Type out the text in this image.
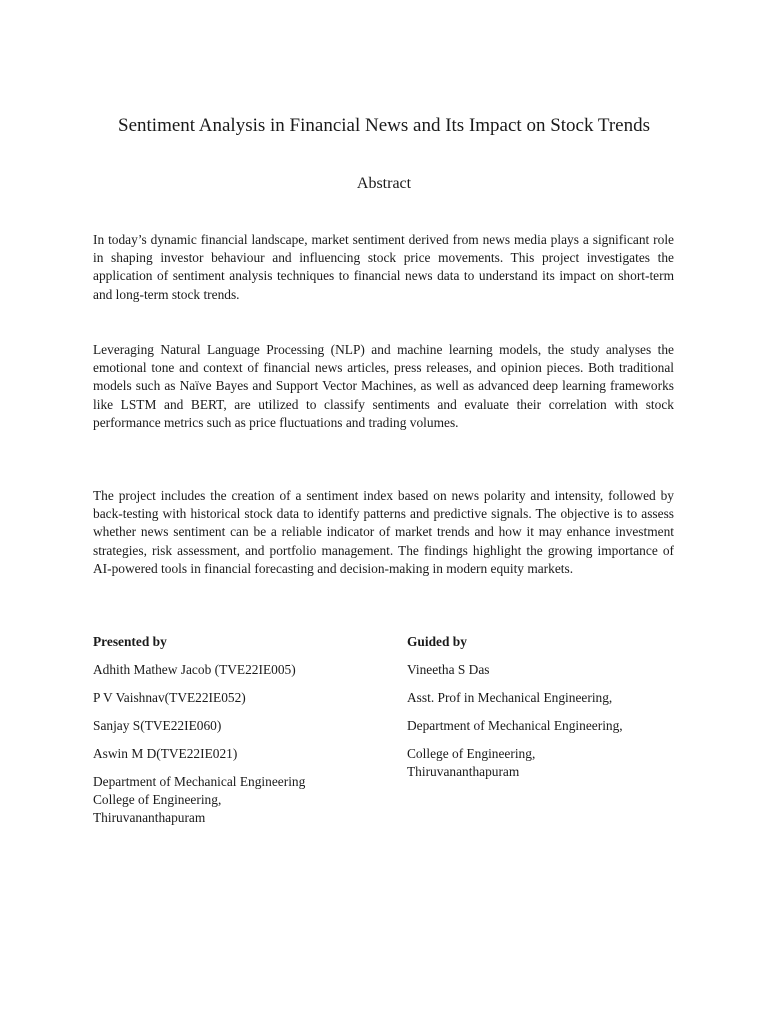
Sentiment Analysis in Financial News and Its Impact on Stock Trends
Abstract

In today’s dynamic financial landscape, market sentiment derived from news media plays a significant role in shaping investor behaviour and influencing stock price movements. This project investigates the application of sentiment analysis techniques to financial news data to understand its impact on short-term and long-term stock trends.

Leveraging Natural Language Processing (NLP) and machine learning models, the study analyses the emotional tone and context of financial news articles, press releases, and opinion pieces. Both traditional models such as Naïve Bayes and Support Vector Machines, as well as advanced deep learning frameworks like LSTM and BERT, are utilized to classify sentiments and evaluate their correlation with stock performance metrics such as price fluctuations and trading volumes.

The project includes the creation of a sentiment index based on news polarity and intensity, followed by back-testing with historical stock data to identify patterns and predictive signals. The objective is to assess whether news sentiment can be a reliable indicator of market trends and how it may enhance investment strategies, risk assessment, and portfolio management. The findings highlight the growing importance of AI-powered tools in financial forecasting and decision-making in modern equity markets.

Presented by
Adhith Mathew Jacob (TVE22IE005)
P V Vaishnav(TVE22IE052)
Sanjay S(TVE22IE060)
Aswin M D(TVE22IE021)
Department of Mechanical Engineering
College of Engineering,
Thiruvananthapuram
Guided by
Vineetha S Das
Asst. Prof in Mechanical Engineering,
Department of Mechanical Engineering,
College of Engineering,
Thiruvananthapuram
